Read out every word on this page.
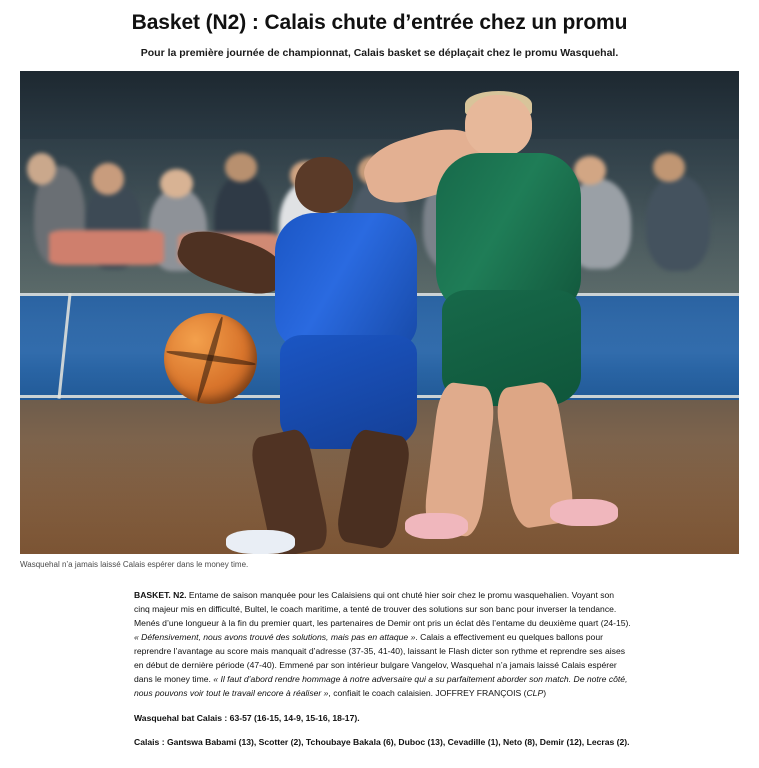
Basket (N2) : Calais chute d’entrée chez un promu
Pour la première journée de championnat, Calais basket se déplaçait chez le promu Wasquehal.
Wasquehal n’a jamais laissé Calais espérer dans le money time.

BASKET. N2. Entame de saison manquée pour les Calaisiens qui ont chuté hier soir chez le promu wasquehalien. Voyant son cinq majeur mis en difficulté, Bultel, le coach maritime, a tenté de trouver des solutions sur son banc pour inverser la tendance. Menés d’une longueur à la fin du premier quart, les partenaires de Demir ont pris un éclat dès l’entame du deuxième quart (24-15). « Défensivement, nous avons trouvé des solutions, mais pas en attaque ». Calais a effectivement eu quelques ballons pour reprendre l’avantage au score mais manquait d’adresse (37-35, 41-40), laissant le Flash dicter son rythme et reprendre ses aises en début de dernière période (47-40). Emmené par son intérieur bulgare Vangelov, Wasquehal n’a jamais laissé Calais espérer dans le money time. « Il faut d’abord rendre hommage à notre adversaire qui a su parfaitement aborder son match. De notre côté, nous pouvons voir tout le travail encore à réaliser », confiait le coach calaisien. JOFFREY FRANÇOIS (CLP)

Wasquehal bat Calais : 63-57 (16-15, 14-9, 15-16, 18-17).

Calais : Gantswa Babami (13), Scotter (2), Tchoubaye Bakala (6), Duboc (13), Cevadille (1), Neto (8), Demir (12), Lecras (2).
